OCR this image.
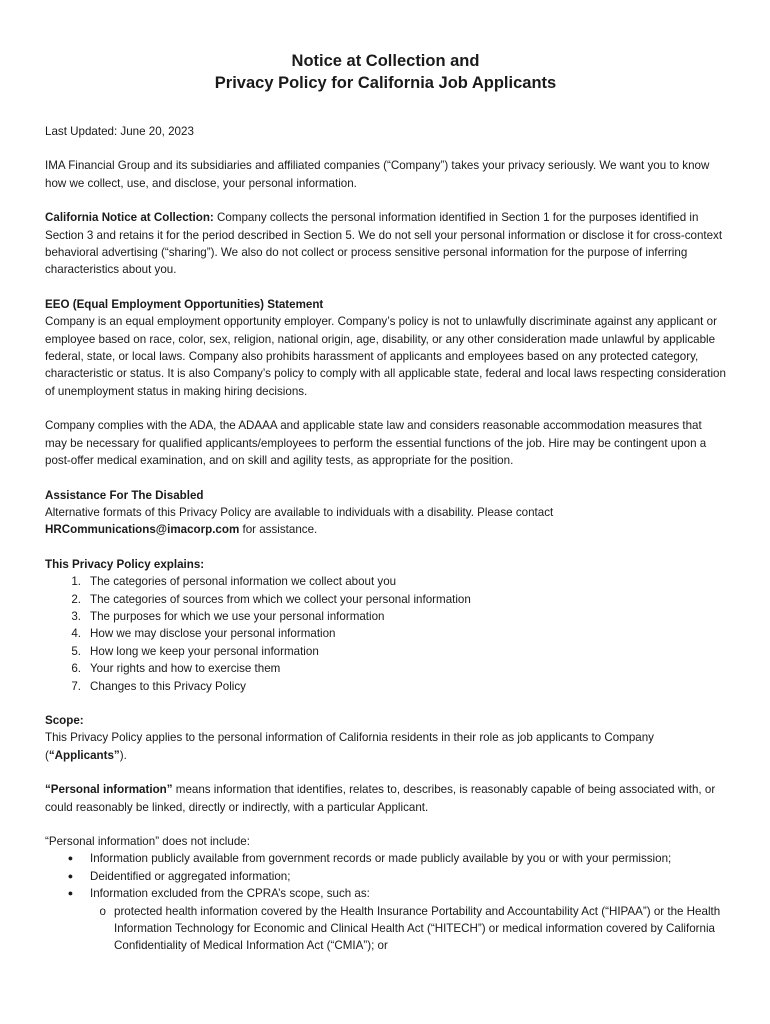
Notice at Collection and
Privacy Policy for California Job Applicants

Last Updated: June 20, 2023

IMA Financial Group and its subsidiaries and affiliated companies (“Company”) takes your privacy seriously. We want you to know how we collect, use, and disclose, your personal information.

California Notice at Collection: Company collects the personal information identified in Section 1 for the purposes identified in Section 3 and retains it for the period described in Section 5. We do not sell your personal information or disclose it for cross-context behavioral advertising (“sharing”). We also do not collect or process sensitive personal information for the purpose of inferring characteristics about you.

EEO (Equal Employment Opportunities) Statement

Company is an equal employment opportunity employer. Company’s policy is not to unlawfully discriminate against any applicant or employee based on race, color, sex, religion, national origin, age, disability, or any other consideration made unlawful by applicable federal, state, or local laws. Company also prohibits harassment of applicants and employees based on any protected category, characteristic or status. It is also Company’s policy to comply with all applicable state, federal and local laws respecting consideration of unemployment status in making hiring decisions.

Company complies with the ADA, the ADAAA and applicable state law and considers reasonable accommodation measures that may be necessary for qualified applicants/employees to perform the essential functions of the job. Hire may be contingent upon a post-offer medical examination, and on skill and agility tests, as appropriate for the position.

Assistance For The Disabled

Alternative formats of this Privacy Policy are available to individuals with a disability. Please contact
HRCommunications@imacorp.com for assistance.

This Privacy Policy explains:

1. The categories of personal information we collect about you
2. The categories of sources from which we collect your personal information
3. The purposes for which we use your personal information
4. How we may disclose your personal information
5. How long we keep your personal information
6. Your rights and how to exercise them
7. Changes to this Privacy Policy

Scope:

This Privacy Policy applies to the personal information of California residents in their role as job applicants to Company (“Applicants”).

“Personal information” means information that identifies, relates to, describes, is reasonably capable of being associated with, or could reasonably be linked, directly or indirectly, with a particular Applicant.

“Personal information” does not include:

●	Information publicly available from government records or made publicly available by you or with your permission;
●	Deidentified or aggregated information;
●	Information excluded from the CPRA’s scope, such as:
o protected health information covered by the Health Insurance Portability and Accountability Act (“HIPAA”) or the Health Information Technology for Economic and Clinical Health Act (“HITECH”) or medical information covered by California Confidentiality of Medical Information Act (“CMIA”); or
